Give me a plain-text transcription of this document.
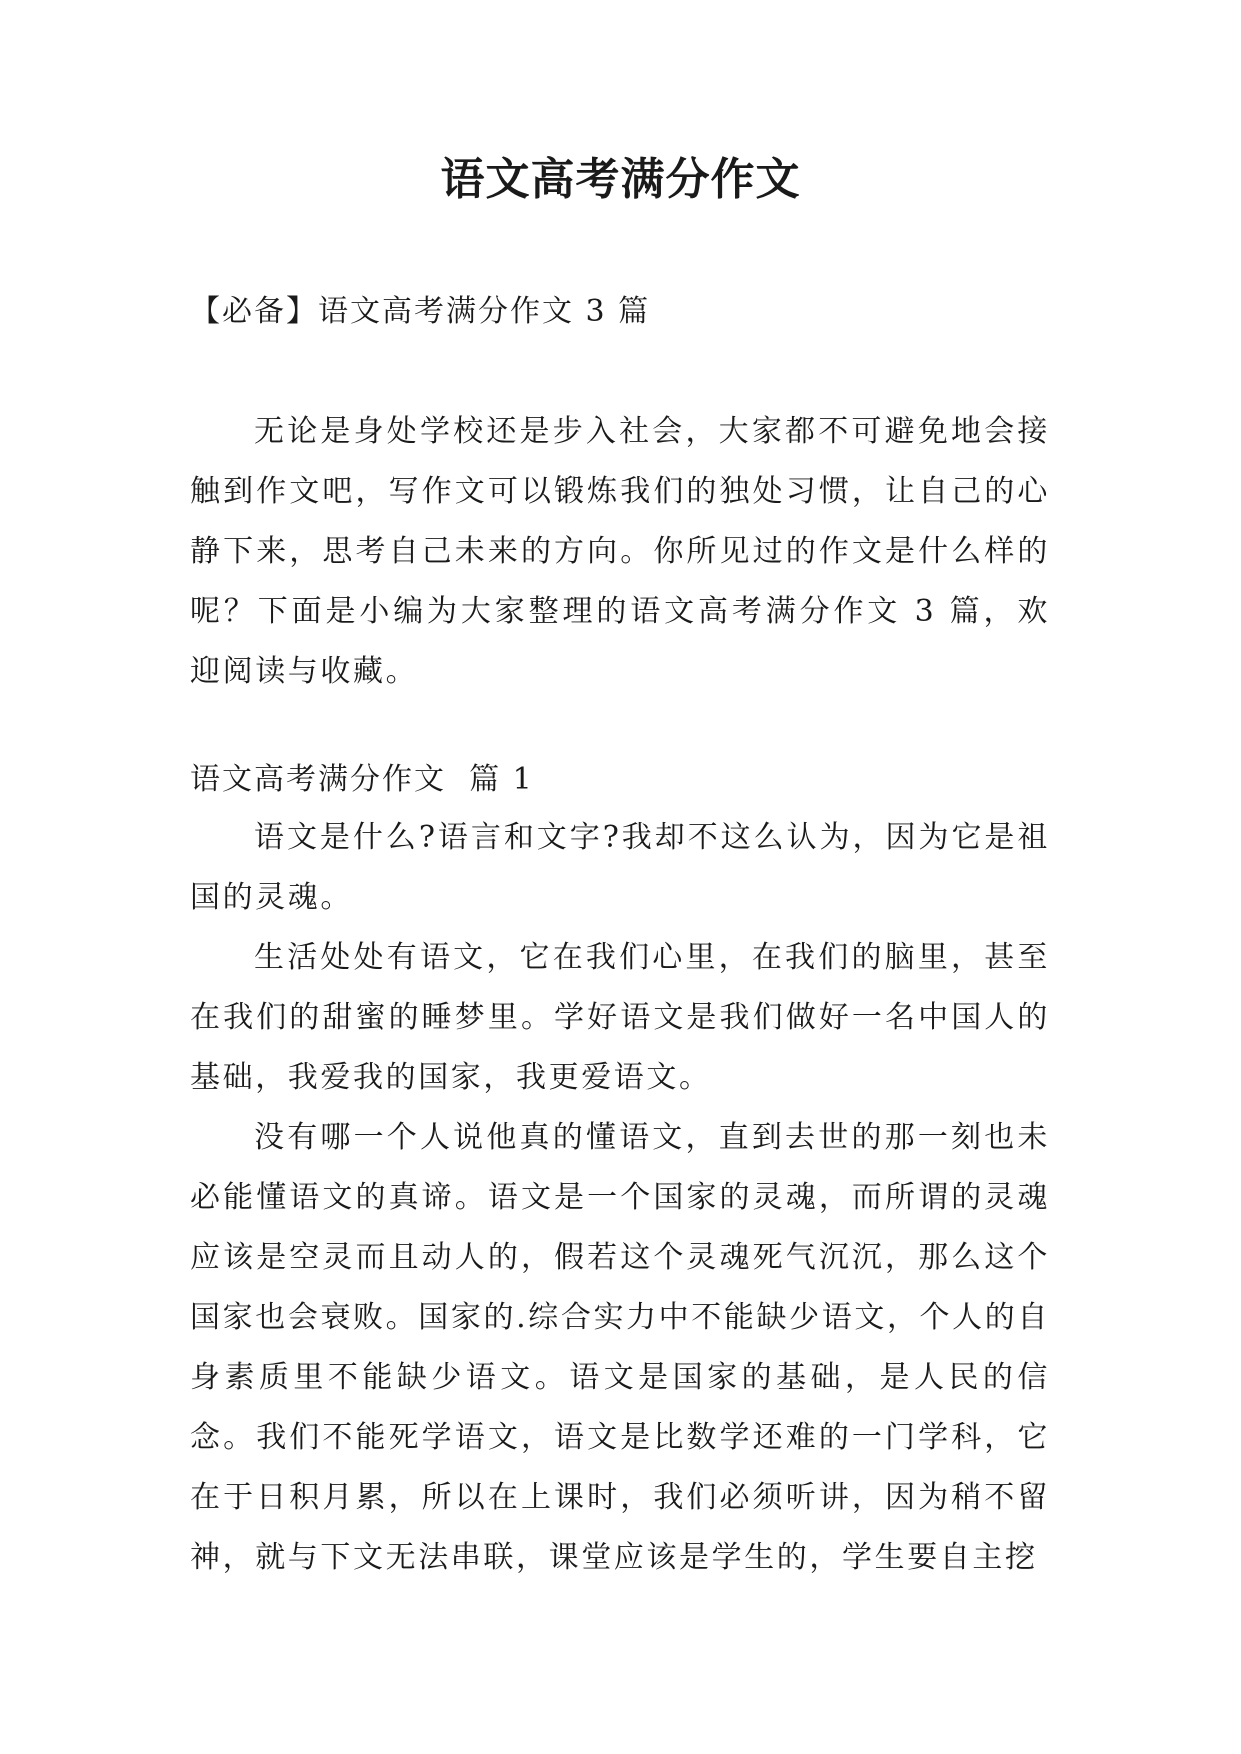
语文高考满分作文
【必备】语文高考满分作文 3 篇

无论是身处学校还是步入社会，大家都不可避免地会接触到作文吧，写作文可以锻炼我们的独处习惯，让自己的心静下来，思考自己未来的方向。你所见过的作文是什么样的呢？下面是小编为大家整理的语文高考满分作文 3 篇，欢迎阅读与收藏。

语文高考满分作文  篇 1

语文是什么?语言和文字?我却不这么认为，因为它是祖国的灵魂。

生活处处有语文，它在我们心里，在我们的脑里，甚至在我们的甜蜜的睡梦里。学好语文是我们做好一名中国人的基础，我爱我的国家，我更爱语文。

没有哪一个人说他真的懂语文，直到去世的那一刻也未必能懂语文的真谛。语文是一个国家的灵魂，而所谓的灵魂应该是空灵而且动人的，假若这个灵魂死气沉沉，那么这个国家也会衰败。国家的.综合实力中不能缺少语文，个人的自身素质里不能缺少语文。语文是国家的基础，是人民的信念。我们不能死学语文，语文是比数学还难的一门学科，它在于日积月累，所以在上课时，我们必须听讲，因为稍不留神，就与下文无法串联，课堂应该是学生的，学生要自主挖
